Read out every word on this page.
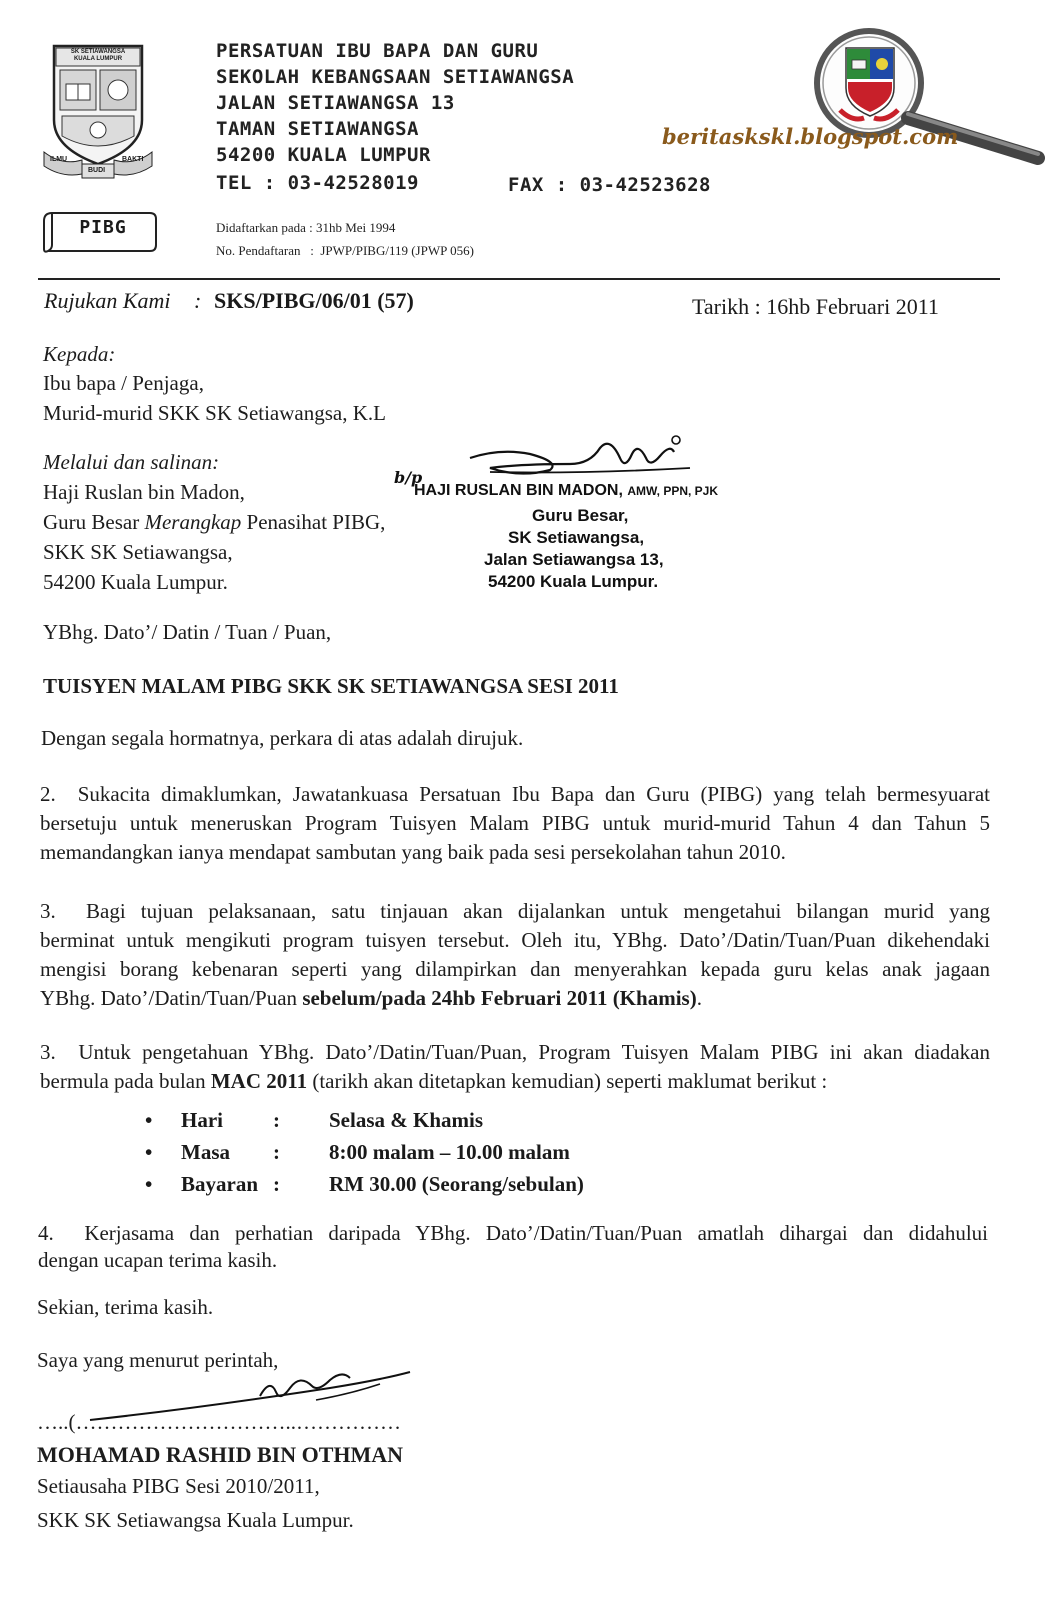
SK SETIAWANGSA
KUALA LUMPUR
ILMU
BUDI
BAKTI
PIBG
PERSATUAN IBU BAPA DAN GURU
SEKOLAH KEBANGSAAN SETIAWANGSA
JALAN SETIAWANGSA 13
TAMAN SETIAWANGSA
54200 KUALA LUMPUR
TEL : 03-42528019	FAX : 03-42523628
Didaftarkan pada : 31hb Mei 1994
No. Pendaftaran   :  JPWP/PIBG/119 (JPWP 056)
beritaskskl.blogspot.com
Rujukan Kami : SKS/PIBG/06/01 (57)	Tarikh : 16hb Februari 2011
Kepada:
Ibu bapa / Penjaga,
Murid-murid SKK SK Setiawangsa, K.L
Melalui dan salinan:
Haji Ruslan bin Madon,
Guru Besar Merangkap Penasihat PIBG,
SKK SK Setiawangsa,
54200 Kuala Lumpur.
b/p
HAJI RUSLAN BIN MADON, AMW, PPN, PJK
Guru Besar,
SK Setiawangsa,
Jalan Setiawangsa 13,
54200 Kuala Lumpur.
YBhg. Dato’/ Datin / Tuan / Puan,
TUISYEN MALAM PIBG SKK SK SETIAWANGSA SESI 2011
Dengan segala hormatnya, perkara di atas adalah dirujuk.
2.  Sukacita dimaklumkan, Jawatankuasa Persatuan Ibu Bapa dan Guru (PIBG) yang telah bermesyuarat
bersetuju untuk meneruskan Program Tuisyen Malam PIBG untuk murid-murid Tahun 4 dan Tahun 5
memandangkan ianya mendapat sambutan yang baik pada sesi persekolahan tahun 2010.
3.  Bagi tujuan pelaksanaan, satu tinjauan akan dijalankan untuk mengetahui bilangan murid yang
berminat untuk mengikuti program tuisyen tersebut. Oleh itu, YBhg. Dato’/Datin/Tuan/Puan dikehendaki
mengisi borang kebenaran seperti yang dilampirkan dan menyerahkan kepada guru kelas anak jagaan
YBhg. Dato’/Datin/Tuan/Puan sebelum/pada 24hb Februari 2011 (Khamis).
3.  Untuk pengetahuan YBhg. Dato’/Datin/Tuan/Puan, Program Tuisyen Malam PIBG ini akan diadakan
bermula pada bulan MAC 2011 (tarikh akan ditetapkan kemudian) seperti maklumat berikut :
• Hari : Selasa & Khamis
• Masa : 8:00 malam – 10.00 malam
• Bayaran : RM 30.00 (Seorang/sebulan)
4.  Kerjasama dan perhatian daripada YBhg. Dato’/Datin/Tuan/Puan amatlah dihargai dan didahului
dengan ucapan terima kasih.
Sekian, terima kasih.
Saya yang menurut perintah,
…..(…………………………..……………
MOHAMAD RASHID BIN OTHMAN
Setiausaha PIBG Sesi 2010/2011,
SKK SK Setiawangsa Kuala Lumpur.
